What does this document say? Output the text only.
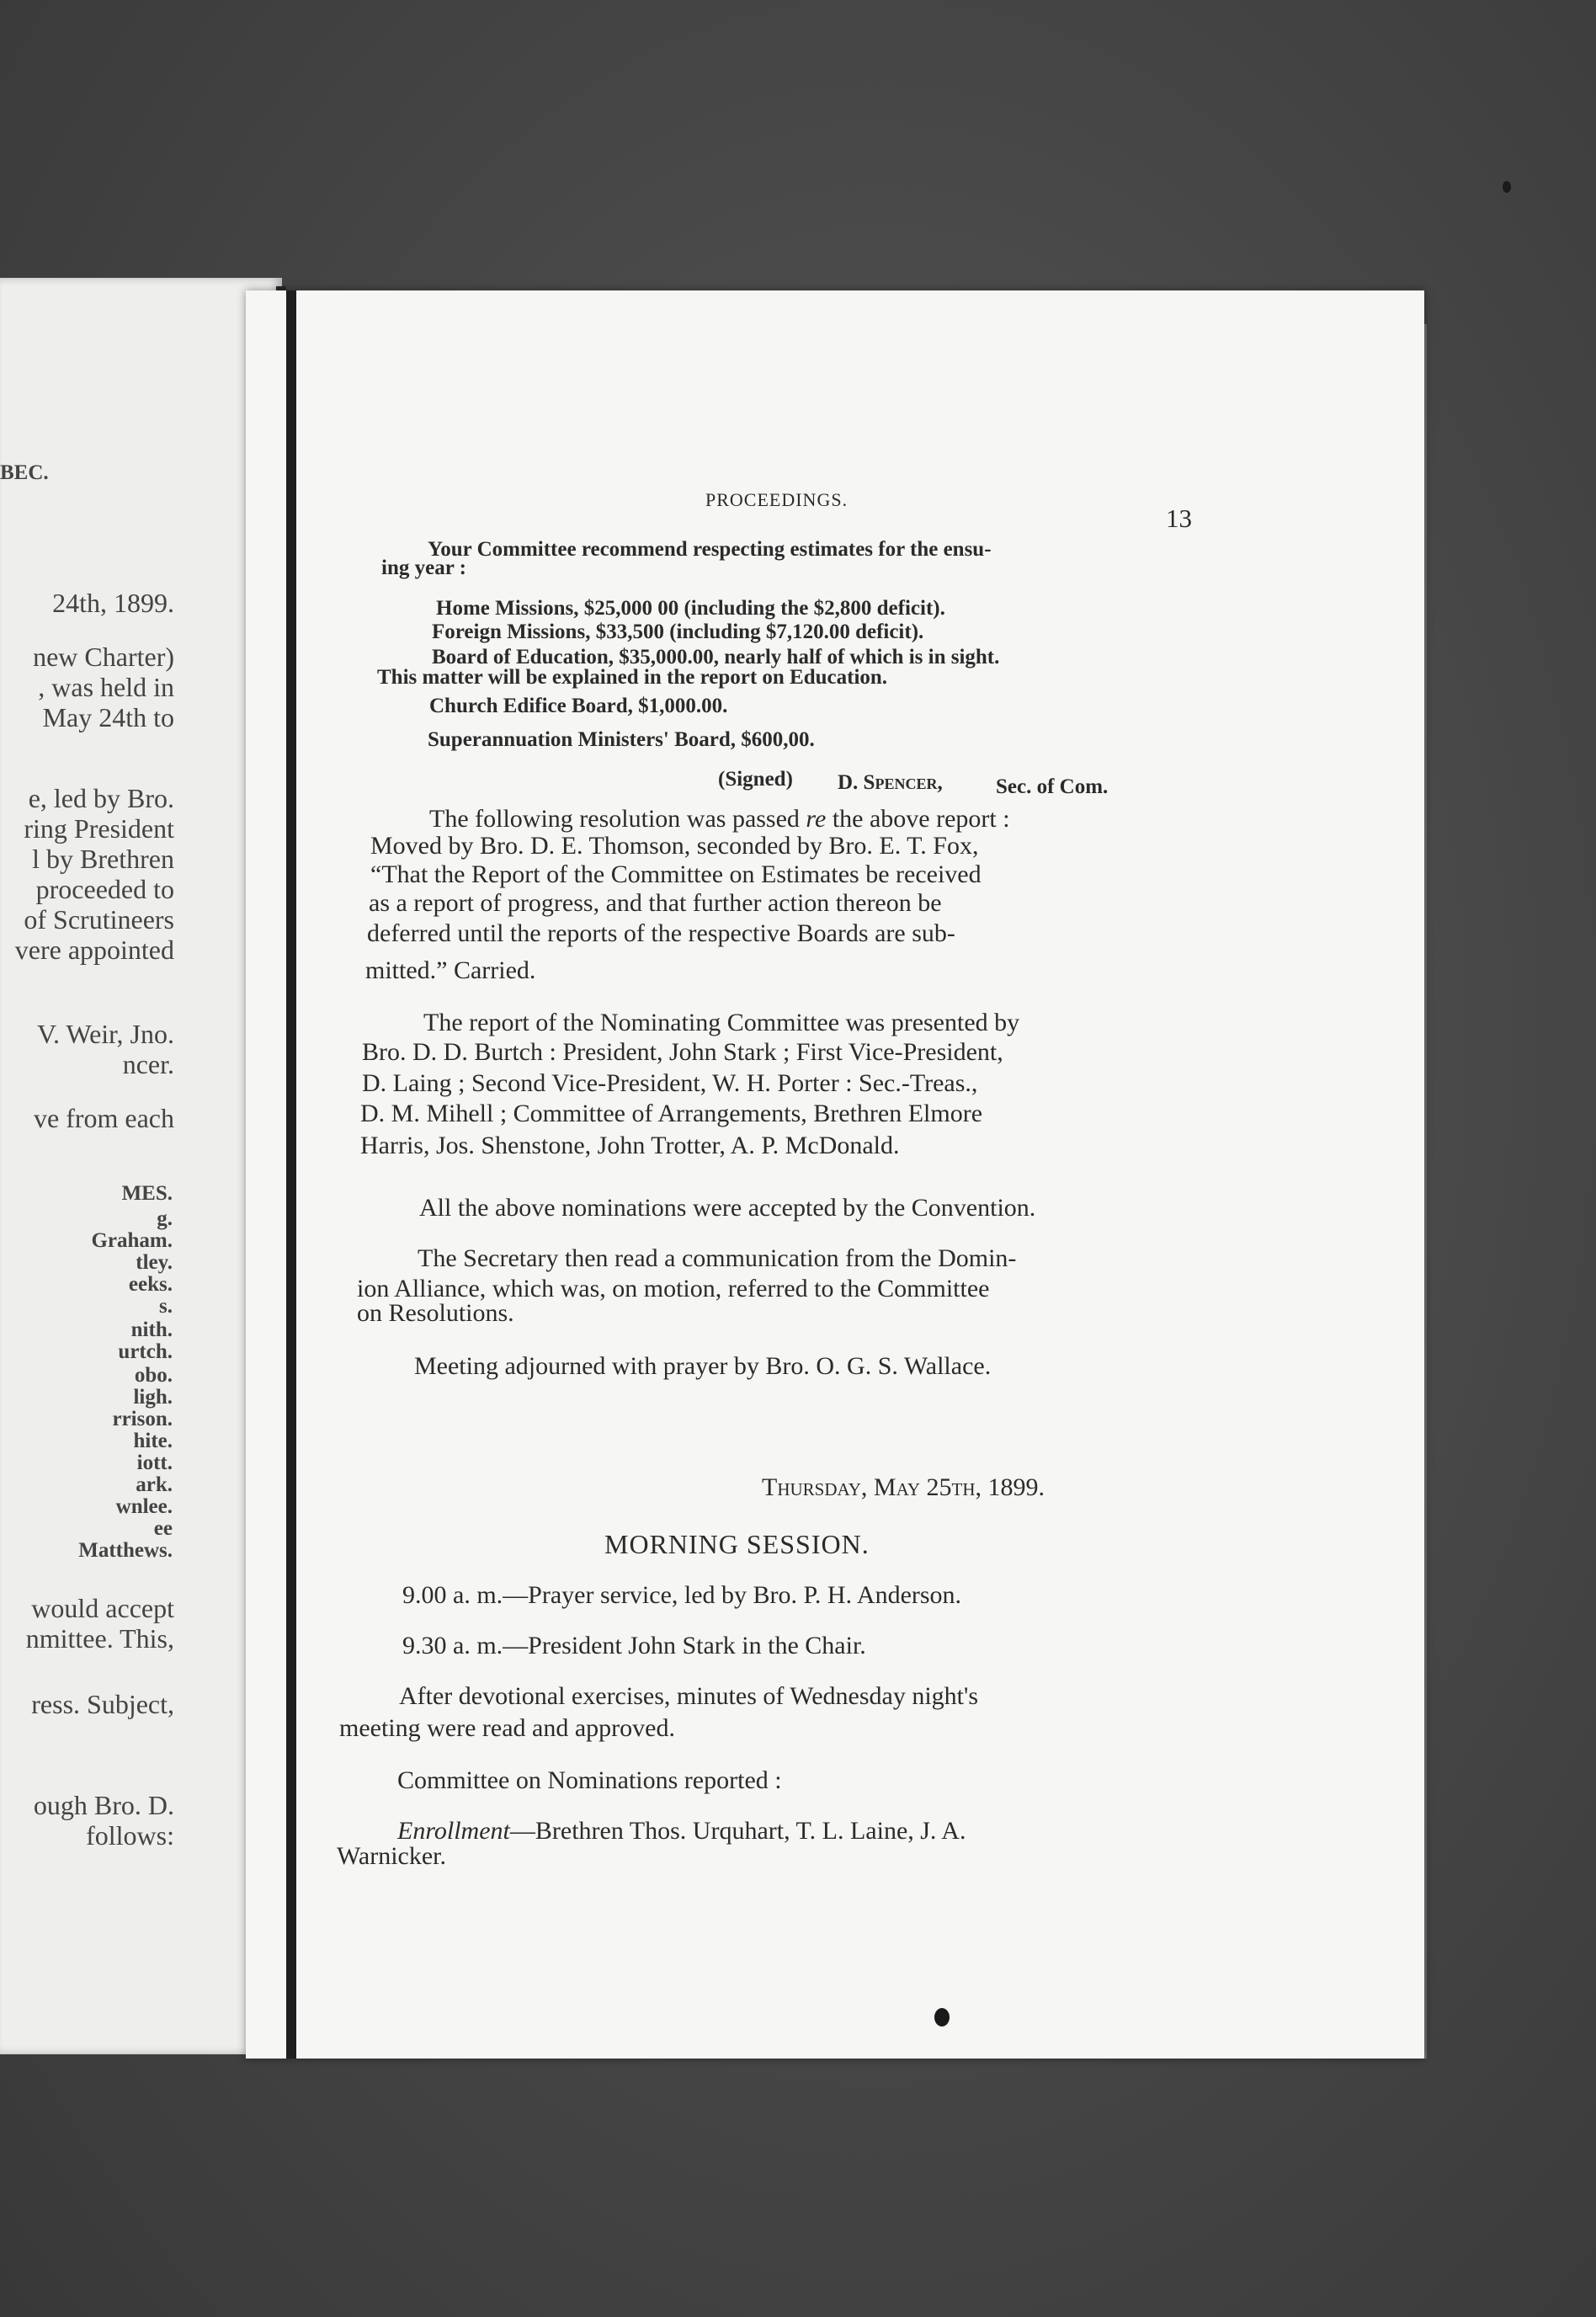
BEC.
24th, 1899.
new Charter)
, was held in
May 24th to
e, led by Bro.
ring President
l by Brethren
proceeded to
of Scrutineers
vere appointed
V. Weir, Jno.
ncer.
ve from each
MES.
g.
Graham.
tley.
eeks.
s.
nith.
urtch.
obo.
ligh.
rrison.
hite.
iott.
ark.
wnlee.
ee
Matthews.
would accept
nmittee. This,
ress. Subject,
ough Bro. D.
follows:
PROCEEDINGS.
13
Your Committee recommend respecting estimates for the ensu-
ing year :
Home Missions, $25,000 00 (including the $2,800 deficit).
Foreign Missions, $33,500 (including $7,120.00 deficit).
Board of Education, $35,000.00, nearly half of which is in sight.
This matter will be explained in the report on Education.
Church Edifice Board, $1,000.00.
Superannuation Ministers' Board, $600,00.
(Signed) D. Spencer,	Sec. of Com.
The following resolution was passed re the above report :
Moved by Bro. D. E. Thomson, seconded by Bro. E. T. Fox,
“That the Report of the Committee on Estimates be received
as a report of progress, and that further action thereon be
deferred until the reports of the respective Boards are sub-
mitted.” Carried.
The report of the Nominating Committee was presented by
Bro. D. D. Burtch : President, John Stark ; First Vice-President,
D. Laing ; Second Vice-President, W. H. Porter : Sec.-Treas.,
D. M. Mihell ; Committee of Arrangements, Brethren Elmore
Harris, Jos. Shenstone, John Trotter, A. P. McDonald.
All the above nominations were accepted by the Convention.
The Secretary then read a communication from the Domin-
ion Alliance, which was, on motion, referred to the Committee
on Resolutions.
Meeting adjourned with prayer by Bro. O. G. S. Wallace.
Thursday, May 25th, 1899.
MORNING SESSION.
9.00 a. m.—Prayer service, led by Bro. P. H. Anderson.
9.30 a. m.—President John Stark in the Chair.
After devotional exercises, minutes of Wednesday night's
meeting were read and approved.
Committee on Nominations reported :
Enrollment—Brethren Thos. Urquhart, T. L. Laine, J. A.
Warnicker.
